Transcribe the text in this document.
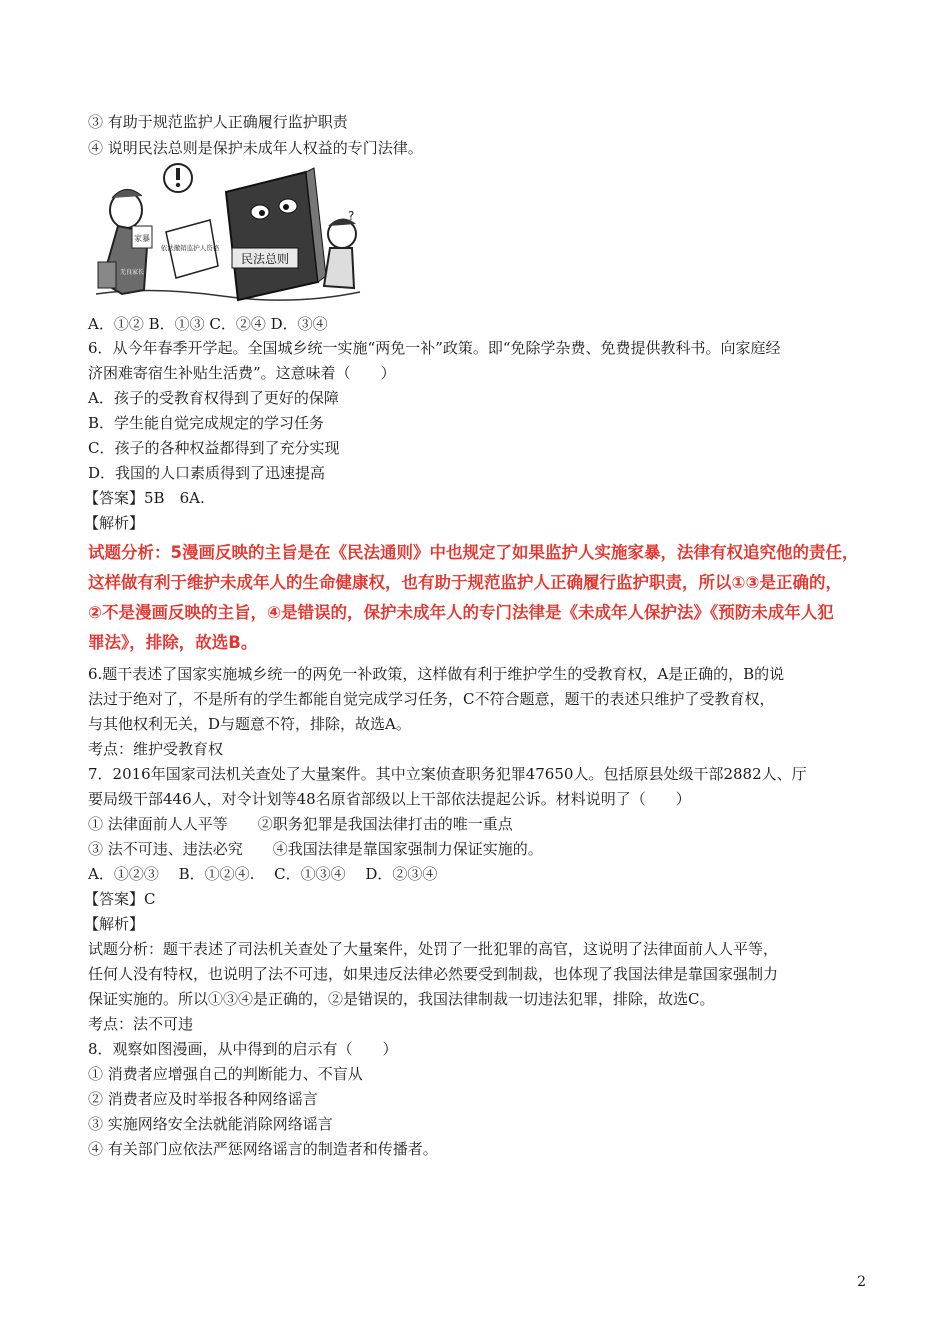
③ 有助于规范监护人正确履行监护职责
④ 说明民法总则是保护未成年人权益的专门法律。
家暴
无良家长
依法撤销监护人资格
民法总则
?
A．①② B．①③ C．②④ D．③④
6．从今年春季开学起。全国城乡统一实施“两免一补”政策。即“免除学杂费、免费提供教科书。向家庭经
济困难寄宿生补贴生活费”。这意味着（　　）
A．孩子的受教育权得到了更好的保障
B．学生能自觉完成规定的学习任务
C．孩子的各种权益都得到了充分实现
D．我国的人口素质得到了迅速提高
【答案】5B　6A.
【解析】
试题分析：5漫画反映的主旨是在《民法通则》中也规定了如果监护人实施家暴，法律有权追究他的责任，
这样做有利于维护未成年人的生命健康权，也有助于规范监护人正确履行监护职责，所以①③是正确的，
②不是漫画反映的主旨，④是错误的，保护未成年人的专门法律是《未成年人保护法》《预防未成年人犯
罪法》，排除，故选B。
6.题干表述了国家实施城乡统一的两免一补政策，这样做有利于维护学生的受教育权，A是正确的，B的说
法过于绝对了，不是所有的学生都能自觉完成学习任务，C不符合题意，题干的表述只维护了受教育权，
与其他权利无关，D与题意不符，排除，故选A。
考点：维护受教育权
7．2016年国家司法机关查处了大量案件。其中立案侦查职务犯罪47650人。包括原县处级干部2882人、厅
要局级干部446人，对令计划等48名原省部级以上干部依法提起公诉。材料说明了（　　）
① 法律面前人人平等　　②职务犯罪是我国法律打击的唯一重点
③ 法不可违、违法必究　　④我国法律是靠国家强制力保证实施的。
A．①②③　 B．①②④.　 C．①③④　 D．②③④
【答案】C
【解析】
试题分析：题干表述了司法机关查处了大量案件，处罚了一批犯罪的高官，这说明了法律面前人人平等，
任何人没有特权，也说明了法不可违，如果违反法律必然要受到制裁，也体现了我国法律是靠国家强制力
保证实施的。所以①③④是正确的，②是错误的，我国法律制裁一切违法犯罪，排除，故选C。
考点：法不可违
8．观察如图漫画，从中得到的启示有（　　）
① 消费者应增强自己的判断能力、不盲从
② 消费者应及时举报各种网络谣言
③ 实施网络安全法就能消除网络谣言
④ 有关部门应依法严惩网络谣言的制造者和传播者。
2
